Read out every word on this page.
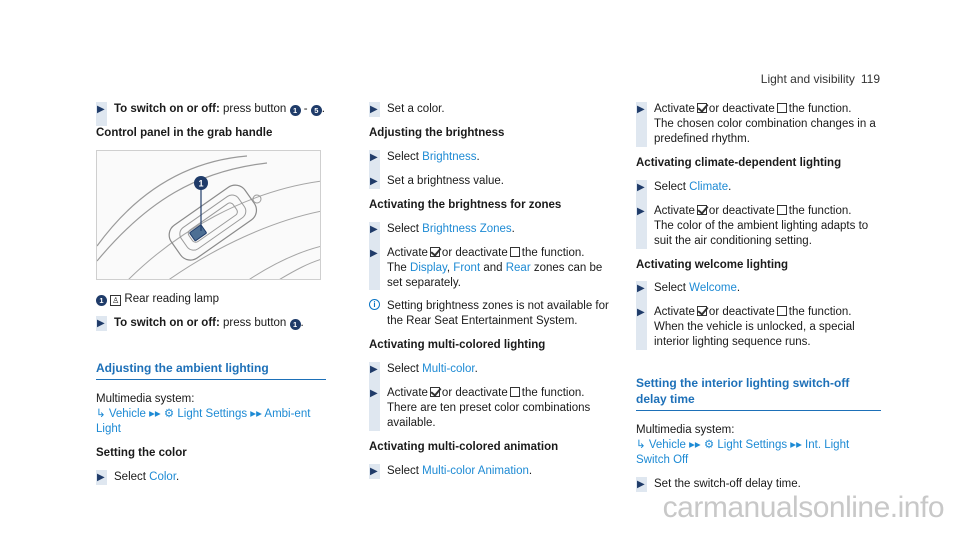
Light and visibility 119
▶ To switch on or off: press button 1 - 5 .
Control panel in the grab handle
1
1 ♙ Rear reading lamp
▶ To switch on or off: press button 1 .
Adjusting the ambient lighting
Multimedia system:
↳ Vehicle ▸▸ ⚙ Light Settings ▸▸ Ambi‑ent Light
Setting the color
▶ Select Color.
▶ Set a color.
Adjusting the brightness
▶ Select Brightness.
▶ Set a brightness value.
Activating the brightness for zones
▶ Select Brightness Zones.
▶ Activate or deactivate the function.
The Display, Front and Rear zones can be set separately.
i Setting brightness zones is not available for the Rear Seat Entertainment System.
Activating multi-colored lighting
▶ Select Multi-color.
▶ Activate or deactivate the function.
There are ten preset color combinations available.
Activating multi-colored animation
▶ Select Multi-color Animation.
▶ Activate or deactivate the function.
The chosen color combination changes in a predefined rhythm.
Activating climate-dependent lighting
▶ Select Climate.
▶ Activate or deactivate the function.
The color of the ambient lighting adapts to suit the air conditioning setting.
Activating welcome lighting
▶ Select Welcome.
▶ Activate or deactivate the function.
When the vehicle is unlocked, a special interior lighting sequence runs.
Setting the interior lighting switch-off delay time
Multimedia system:
↳ Vehicle ▸▸ ⚙ Light Settings ▸▸ Int. Light Switch Off
▶ Set the switch-off delay time.
carmanualsonline.info
